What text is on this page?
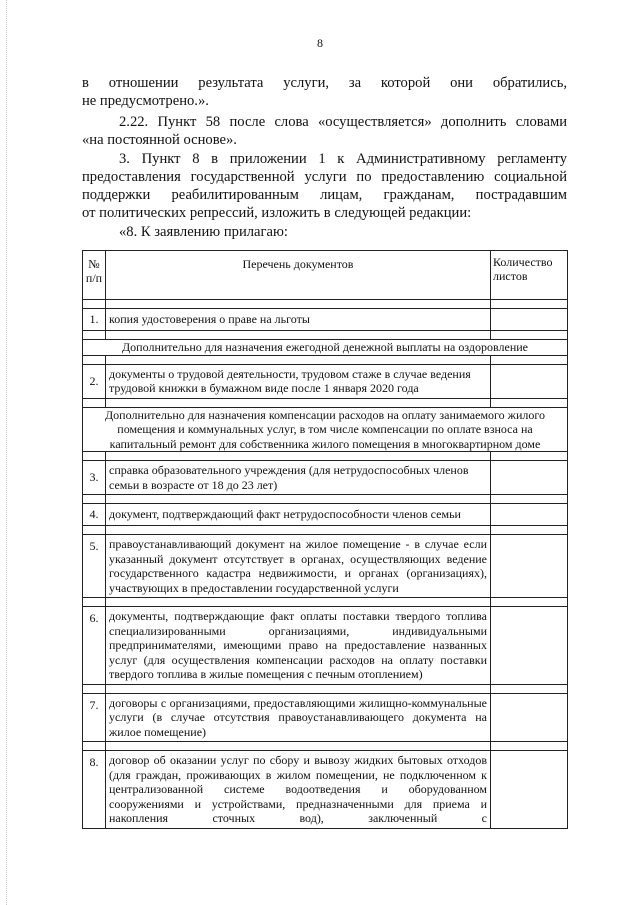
8

в отношении результата услуги, за которой они обратились,

не предусмотрено.».

2.22. Пункт 58 после слова «осуществляется» дополнить словами

«на постоянной основе».

3. Пункт 8 в приложении 1 к Административному регламенту предоставления государственной услуги по предоставлению социальной поддержки реабилитированным лицам, гражданам, пострадавшим

от политических репрессий, изложить в следующей редакции:

«8. К заявлению прилагаю:

№ п/п	Перечень документов	Количество листов

1.	копия удостоверения о праве на льготы	

Дополнительно для назначения ежегодной денежной выплаты на оздоровление		

2.	документы о трудовой деятельности, трудовом стаже в случае ведения трудовой книжки в бумажном виде после 1 января 2020 года	

Дополнительно для назначения компенсации расходов на оплату занимаемого жилого помещения и коммунальных услуг, в том числе компенсации по оплате взноса на капитальный ремонт для собственника жилого помещения в многоквартирном доме		

3.	справка образовательного учреждения (для нетрудоспособных членов семьи в возрасте от 18 до 23 лет)	

4.	документ, подтверждающий факт нетрудоспособности членов семьи	

5.	правоустанавливающий документ на жилое помещение - в случае если указанный документ отсутствует в органах, осуществляющих ведение государственного кадастра недвижимости, и органах (организациях), участвующих в предоставлении государственной услуги	

6.	документы, подтверждающие факт оплаты поставки твердого топлива специализированными организациями, индивидуальными предпринимателями, имеющими право на предоставление названных услуг (для осуществления компенсации расходов на оплату поставки твердого топлива в жилые помещения с печным отоплением)	

7.	договоры с организациями, предоставляющими жилищно-коммунальные услуги (в случае отсутствия правоустанавливающего документа на жилое помещение)	

8.	договор об оказании услуг по сбору и вывозу жидких бытовых отходов (для граждан, проживающих в жилом помещении, не подключенном к централизованной системе водоотведения и оборудованном сооружениями и устройствами, предназначенными для приема и накопления сточных вод), заключенный с	
